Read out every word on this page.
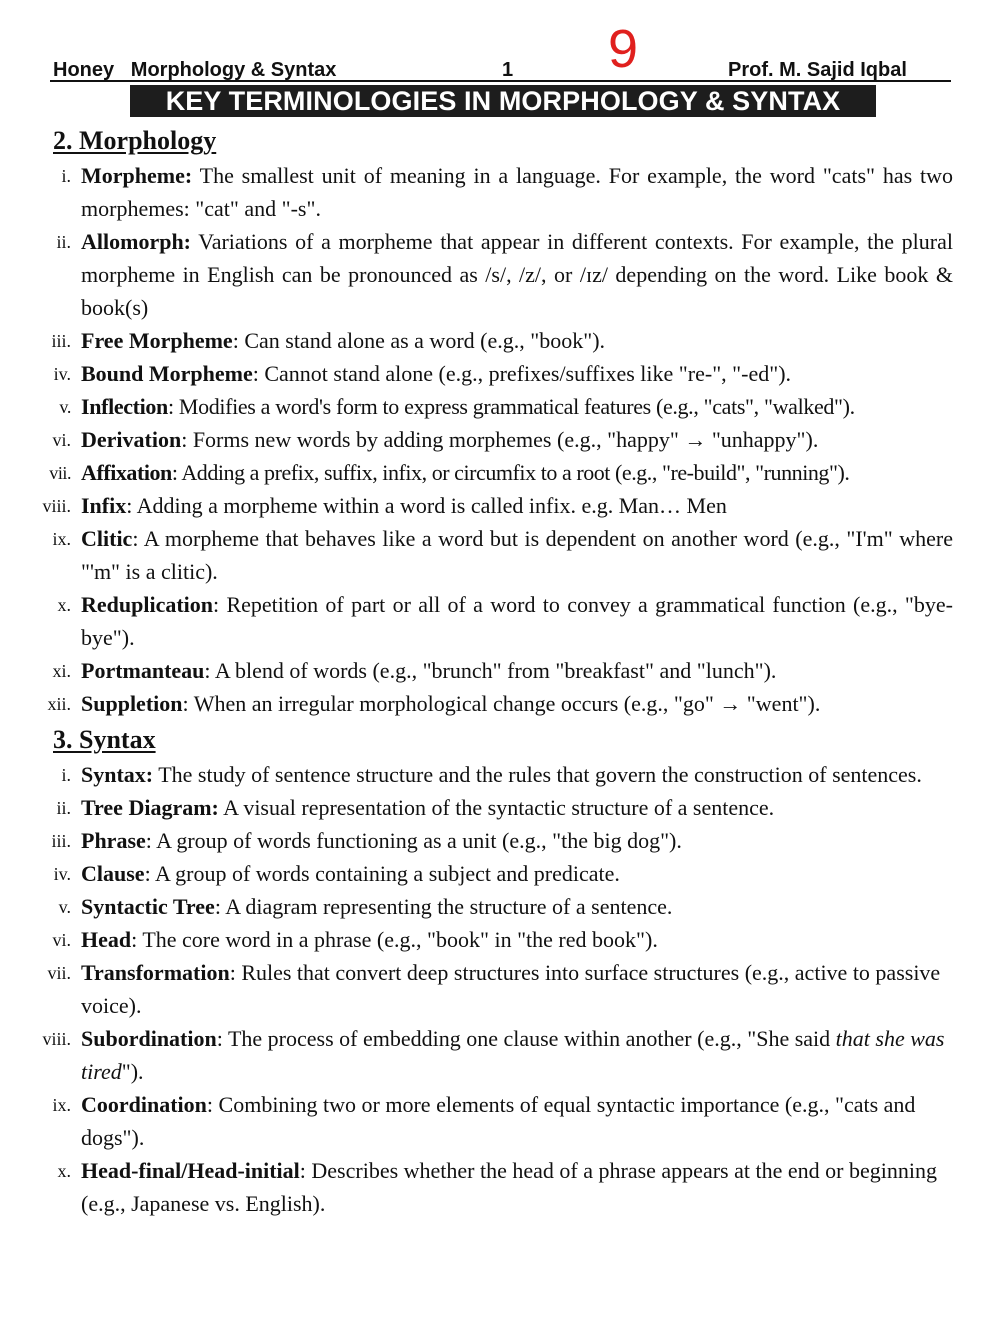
Honey   Morphology & Syntax	1 9	Prof. M. Sajid Iqbal
KEY TERMINOLOGIES IN MORPHOLOGY & SYNTAX
2. Morphology
i. Morpheme: The smallest unit of meaning in a language. For example, the word "cats" has two morphemes: "cat" and "-s".
ii. Allomorph: Variations of a morpheme that appear in different contexts. For example, the plural morpheme in English can be pronounced as /s/, /z/, or /ɪz/ depending on the word. Like book & book(s)
iii. Free Morpheme: Can stand alone as a word (e.g., "book").
iv. Bound Morpheme: Cannot stand alone (e.g., prefixes/suffixes like "re-", "-ed").
v. Inflection: Modifies a word's form to express grammatical features (e.g., "cats", "walked").
vi. Derivation: Forms new words by adding morphemes (e.g., "happy" → "unhappy").
vii. Affixation: Adding a prefix, suffix, infix, or circumfix to a root (e.g., "re-build", "running").
viii. Infix: Adding a morpheme within a word is called infix. e.g. Man… Men
ix. Clitic: A morpheme that behaves like a word but is dependent on another word (e.g., "I'm" where "'m" is a clitic).
x. Reduplication: Repetition of part or all of a word to convey a grammatical function (e.g., "bye-bye").
xi. Portmanteau: A blend of words (e.g., "brunch" from "breakfast" and "lunch").
xii. Suppletion: When an irregular morphological change occurs (e.g., "go" → "went").
3. Syntax
i. Syntax: The study of sentence structure and the rules that govern the construction of sentences.
ii. Tree Diagram: A visual representation of the syntactic structure of a sentence.
iii. Phrase: A group of words functioning as a unit (e.g., "the big dog").
iv. Clause: A group of words containing a subject and predicate.
v. Syntactic Tree: A diagram representing the structure of a sentence.
vi. Head: The core word in a phrase (e.g., "book" in "the red book").
vii. Transformation: Rules that convert deep structures into surface structures (e.g., active to passive voice).
viii. Subordination: The process of embedding one clause within another (e.g., "She said that she was tired").
ix. Coordination: Combining two or more elements of equal syntactic importance (e.g., "cats and dogs").
x. Head-final/Head-initial: Describes whether the head of a phrase appears at the end or beginning (e.g., Japanese vs. English).
